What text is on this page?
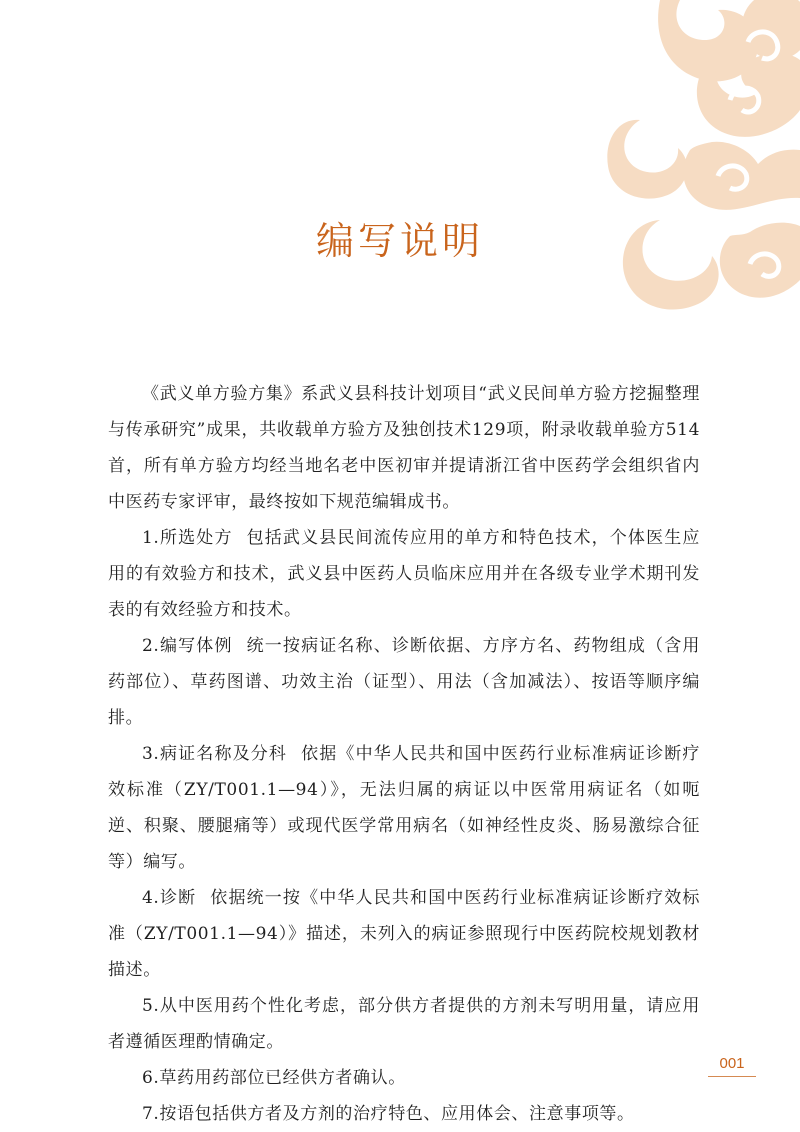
编写说明

《武义单方验方集》系武义县科技计划项目“武义民间单方验方挖掘整理与传承研究”成果，共收载单方验方及独创技术129项，附录收载单验方514首，所有单方验方均经当地名老中医初审并提请浙江省中医药学会组织省内中医药专家评审，最终按如下规范编辑成书。

1.所选处方 包括武义县民间流传应用的单方和特色技术，个体医生应用的有效验方和技术，武义县中医药人员临床应用并在各级专业学术期刊发表的有效经验方和技术。

2.编写体例 统一按病证名称、诊断依据、方序方名、药物组成（含用药部位）、草药图谱、功效主治（证型）、用法（含加减法）、按语等顺序编排。

3.病证名称及分科 依据《中华人民共和国中医药行业标准病证诊断疗效标准（ZY/T001.1—94）》，无法归属的病证以中医常用病证名（如呃逆、积聚、腰腿痛等）或现代医学常用病名（如神经性皮炎、肠易激综合征等）编写。

4.诊断 依据统一按《中华人民共和国中医药行业标准病证诊断疗效标准（ZY/T001.1—94）》描述，未列入的病证参照现行中医药院校规划教材描述。

5.从中医用药个性化考虑，部分供方者提供的方剂未写明用量，请应用者遵循医理酌情确定。

6.草药用药部位已经供方者确认。

7.按语包括供方者及方剂的治疗特色、应用体会、注意事项等。

001
